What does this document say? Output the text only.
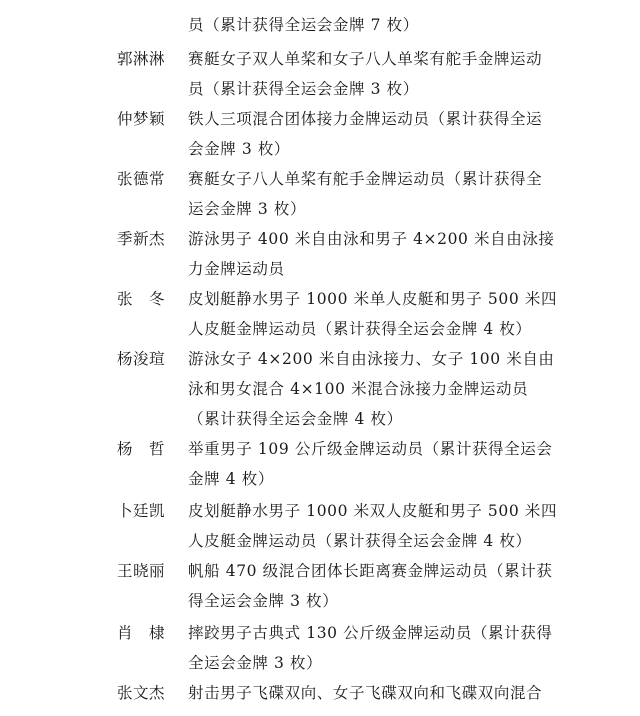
员（累计获得全运会金牌 7 枚）
郭淋淋	赛艇女子双人单桨和女子八人单桨有舵手金牌运动
员（累计获得全运会金牌 3 枚）
仲梦颖	铁人三项混合团体接力金牌运动员（累计获得全运
会金牌 3 枚）
张德常	赛艇女子八人单桨有舵手金牌运动员（累计获得全
运会金牌 3 枚）
季新杰	游泳男子 400 米自由泳和男子 4×200 米自由泳接
力金牌运动员
张　冬	皮划艇静水男子 1000 米单人皮艇和男子 500 米四
人皮艇金牌运动员（累计获得全运会金牌 4 枚）
杨浚瑄	游泳女子 4×200 米自由泳接力、女子 100 米自由
泳和男女混合 4×100 米混合泳接力金牌运动员
（累计获得全运会金牌 4 枚）
杨　哲	举重男子 109 公斤级金牌运动员（累计获得全运会
金牌 4 枚）
卜廷凯	皮划艇静水男子 1000 米双人皮艇和男子 500 米四
人皮艇金牌运动员（累计获得全运会金牌 4 枚）
王晓丽	帆船 470 级混合团体长距离赛金牌运动员（累计获
得全运会金牌 3 枚）
肖　棣	摔跤男子古典式 130 公斤级金牌运动员（累计获得
全运会金牌 3 枚）
张文杰	射击男子飞碟双向、女子飞碟双向和飞碟双向混合
